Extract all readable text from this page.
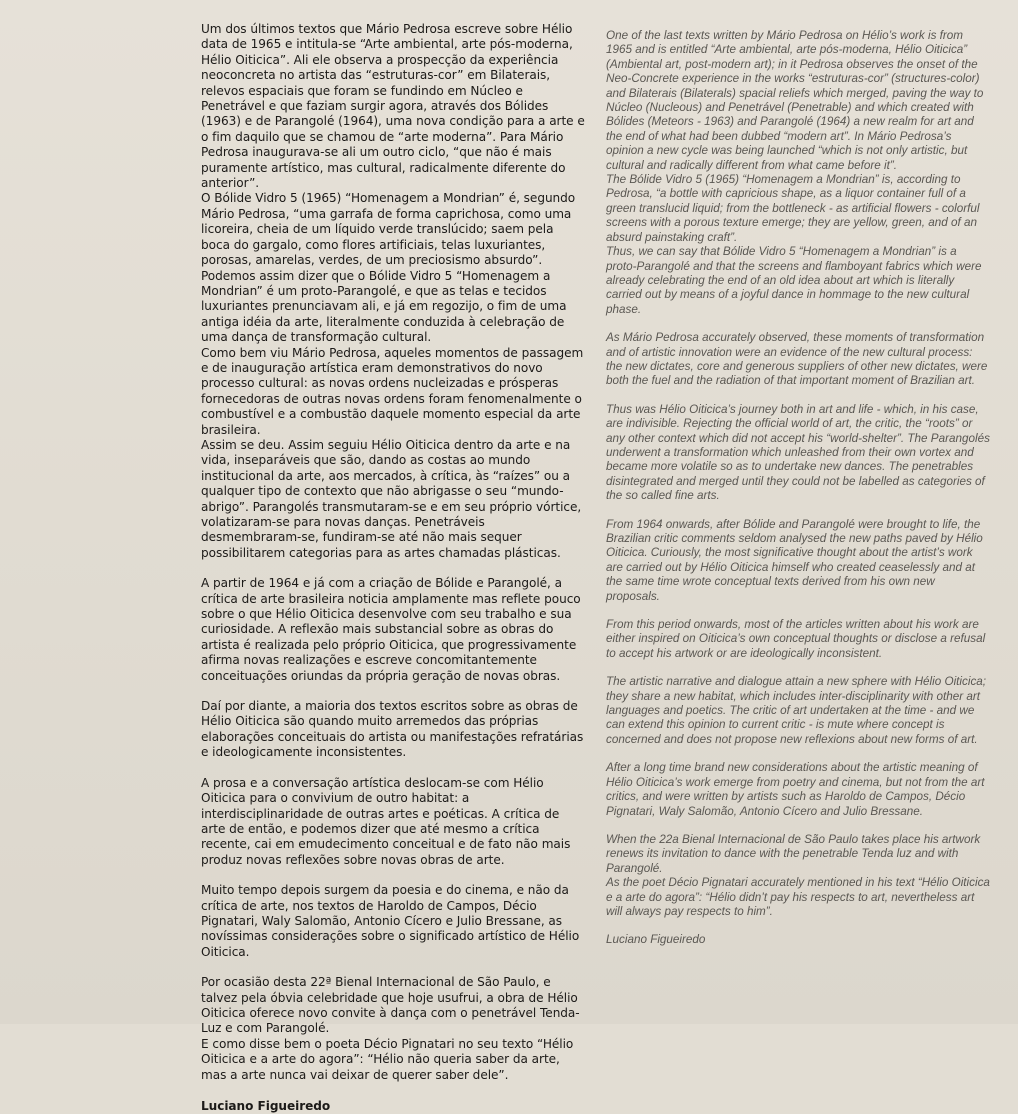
Um dos últimos textos que Mário Pedrosa escreve sobre Hélio data de 1965 e intitula-se “Arte ambiental, arte pós-moderna, Hélio Oiticica”. Ali ele observa a prospecção da experiência neoconcreta no artista das “estruturas-cor” em Bilaterais, relevos espaciais que foram se fundindo em Núcleo e Penetrável e que faziam surgir agora, através dos Bólides (1963) e de Parangolé (1964), uma nova condição para a arte e o fim daquilo que se chamou de “arte moderna”. Para Mário Pedrosa inaugurava-se ali um outro ciclo, “que não é mais puramente artístico, mas cultural, radicalmente diferente do anterior”.

O Bólide Vidro 5 (1965) “Homenagem a Mondrian” é, segundo Mário Pedrosa, “uma garrafa de forma caprichosa, como uma licoreira, cheia de um líquido verde translúcido; saem pela boca do gargalo, como flores artificiais, telas luxuriantes, porosas, amarelas, verdes, de um preciosismo absurdo”.

Podemos assim dizer que o Bólide Vidro 5 “Homenagem a Mondrian” é um proto-Parangolé, e que as telas e tecidos luxuriantes prenunciavam ali, e já em regozijo, o fim de uma antiga idéia da arte, literalmente conduzida à celebração de uma dança de transformação cultural.

Como bem viu Mário Pedrosa, aqueles momentos de passagem e de inauguração artística eram demonstrativos do novo processo cultural: as novas ordens nucleizadas e prósperas fornecedoras de outras novas ordens foram fenomenalmente o combustível e a combustão daquele momento especial da arte brasileira.

Assim se deu. Assim seguiu Hélio Oiticica dentro da arte e na vida, inseparáveis que são, dando as costas ao mundo institucional da arte, aos mercados, à crítica, às “raízes” ou a qualquer tipo de contexto que não abrigasse o seu “mundo-abrigo”. Parangolés transmutaram-se e em seu próprio vórtice, volatizaram-se para novas danças. Penetráveis desmembraram-se, fundiram-se até não mais sequer possibilitarem categorias para as artes chamadas plásticas.

A partir de 1964 e já com a criação de Bólide e Parangolé, a crítica de arte brasileira noticia amplamente mas reflete pouco sobre o que Hélio Oiticica desenvolve com seu trabalho e sua curiosidade. A reflexão mais substancial sobre as obras do artista é realizada pelo próprio Oiticica, que progressivamente afirma novas realizações e escreve concomitantemente conceituações oriundas da própria geração de novas obras.

Daí por diante, a maioria dos textos escritos sobre as obras de Hélio Oiticica são quando muito arremedos das próprias elaborações conceituais do artista ou manifestações refratárias e ideologicamente inconsistentes.

A prosa e a conversação artística deslocam-se com Hélio Oiticica para o convivium de outro habitat: a interdisciplinaridade de outras artes e poéticas. A crítica de arte de então, e podemos dizer que até mesmo a crítica recente, cai em emudecimento conceitual e de fato não mais produz novas reflexões sobre novas obras de arte.

Muito tempo depois surgem da poesia e do cinema, e não da crítica de arte, nos textos de Haroldo de Campos, Décio Pignatari, Waly Salomão, Antonio Cícero e Julio Bressane, as novíssimas considerações sobre o significado artístico de Hélio Oiticica.

Por ocasião desta 22ª Bienal Internacional de São Paulo, e talvez pela óbvia celebridade que hoje usufrui, a obra de Hélio Oiticica oferece novo convite à dança com o penetrável Tenda-Luz e com Parangolé.

E como disse bem o poeta Décio Pignatari no seu texto “Hélio Oiticica e a arte do agora”: “Hélio não queria saber da arte, mas a arte nunca vai deixar de querer saber dele”.

Luciano Figueiredo

One of the last texts written by Mário Pedrosa on Hélio’s work is from 1965 and is entitled “Arte ambiental, arte pós-moderna, Hélio Oiticica” (Ambiental art, post-modern art); in it Pedrosa observes the onset of the Neo-Concrete experience in the works “estruturas-cor” (structures-color) and Bilaterais (Bilaterals) spacial reliefs which merged, paving the way to Núcleo (Nucleous) and Penetrável (Penetrable) and which created with Bólides (Meteors - 1963) and Parangolé (1964) a new realm for art and the end of what had been dubbed “modern art”. In Mário Pedrosa’s opinion a new cycle was being launched “which is not only artistic, but cultural and radically different from what came before it”.

The Bólide Vidro 5 (1965) “Homenagem a Mondrian” is, according to Pedrosa, “a bottle with capricious shape, as a liquor container full of a green translucid liquid; from the bottleneck - as artificial flowers - colorful screens with a porous texture emerge; they are yellow, green, and of an absurd painstaking craft”.

Thus, we can say that Bólide Vidro 5 “Homenagem a Mondrian” is a proto-Parangolé and that the screens and flamboyant fabrics which were already celebrating the end of an old idea about art which is literally carried out by means of a joyful dance in hommage to the new cultural phase.

As Mário Pedrosa accurately observed, these moments of transformation and of artistic innovation were an evidence of the new cultural process: the new dictates, core and generous suppliers of other new dictates, were both the fuel and the radiation of that important moment of Brazilian art.

Thus was Hélio Oiticica’s journey both in art and life - which, in his case, are indivisible. Rejecting the official world of art, the critic, the “roots” or any other context which did not accept his “world-shelter”. The Parangolés underwent a transformation which unleashed from their own vortex and became more volatile so as to undertake new dances. The penetrables disintegrated and merged until they could not be labelled as categories of the so called fine arts.

From 1964 onwards, after Bólide and Parangolé were brought to life, the Brazilian critic comments seldom analysed the new paths paved by Hélio Oiticica. Curiously, the most significative thought about the artist’s work are carried out by Hélio Oiticica himself who created ceaselessly and at the same time wrote conceptual texts derived from his own new proposals.

From this period onwards, most of the articles written about his work are either inspired on Oiticica’s own conceptual thoughts or disclose a refusal to accept his artwork or are ideologically inconsistent.

The artistic narrative and dialogue attain a new sphere with Hélio Oiticica; they share a new habitat, which includes inter-disciplinarity with other art languages and poetics. The critic of art undertaken at the time - and we can extend this opinion to current critic - is mute where concept is concerned and does not propose new reflexions about new forms of art.

After a long time brand new considerations about the artistic meaning of Hélio Oiticica’s work emerge from poetry and cinema, but not from the art critics, and were written by artists such as Haroldo de Campos, Décio Pignatari, Waly Salomão, Antonio Cícero and Julio Bressane.

When the 22a Bienal Internacional de São Paulo takes place his artwork renews its invitation to dance with the penetrable Tenda luz and with Parangolé.

As the poet Décio Pignatari accurately mentioned in his text “Hélio Oiticica e a arte do agora”: “Hélio didn’t pay his respects to art, nevertheless art will always pay respects to him”.

Luciano Figueiredo
